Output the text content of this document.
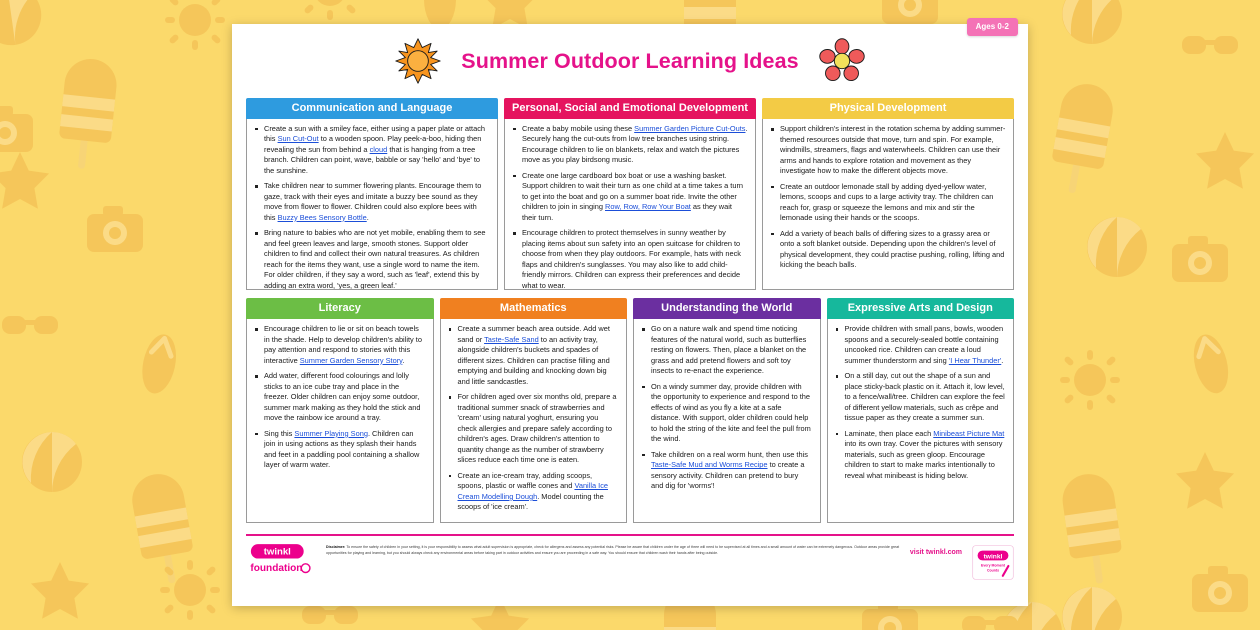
Summer Outdoor Learning Ideas
Ages 0-2
Communication and Language
Create a sun with a smiley face, either using a paper plate or attach this Sun Cut-Out to a wooden spoon. Play peek-a-boo, hiding then revealing the sun from behind a cloud that is hanging from a tree branch. Children can point, wave, babble or say 'hello' and 'bye' to the sunshine.
Take children near to summer flowering plants. Encourage them to gaze, track with their eyes and imitate a buzzy bee sound as they move from flower to flower. Children could also explore bees with this Buzzy Bees Sensory Bottle.
Bring nature to babies who are not yet mobile, enabling them to see and feel green leaves and large, smooth stones. Support older children to find and collect their own natural treasures. As children reach for the items they want, use a single word to name the item. For older children, if they say a word, such as 'leaf', extend this by adding an extra word, 'yes, a green leaf.'
Personal, Social and Emotional Development
Create a baby mobile using these Summer Garden Picture Cut-Outs. Securely hang the cut-outs from low tree branches using string. Encourage children to lie on blankets, relax and watch the pictures move as you play birdsong music.
Create one large cardboard box boat or use a washing basket. Support children to wait their turn as one child at a time takes a turn to get into the boat and go on a summer boat ride. Invite the other children to join in singing Row, Row, Row Your Boat as they wait their turn.
Encourage children to protect themselves in sunny weather by placing items about sun safety into an open suitcase for children to choose from when they play outdoors. For example, hats with neck flaps and children's sunglasses. You may also like to add child-friendly mirrors. Children can express their preferences and decide what to wear.
Physical Development
Support children's interest in the rotation schema by adding summer-themed resources outside that move, turn and spin. For example, windmills, streamers, flags and waterwheels. Children can use their arms and hands to explore rotation and movement as they investigate how to make the different objects move.
Create an outdoor lemonade stall by adding dyed-yellow water, lemons, scoops and cups to a large activity tray. The children can reach for, grasp or squeeze the lemons and mix and stir the lemonade using their hands or the scoops.
Add a variety of beach balls of differing sizes to a grassy area or onto a soft blanket outside. Depending upon the children's level of physical development, they could practise pushing, rolling, lifting and kicking the beach balls.
Literacy
Encourage children to lie or sit on beach towels in the shade. Help to develop children's ability to pay attention and respond to stories with this interactive Summer Garden Sensory Story.
Add water, different food colourings and lolly sticks to an ice cube tray and place in the freezer. Older children can enjoy some outdoor, summer mark making as they hold the stick and move the rainbow ice around a tray.
Sing this Summer Playing Song. Children can join in using actions as they splash their hands and feet in a paddling pool containing a shallow layer of warm water.
Mathematics
Create a summer beach area outside. Add wet sand or Taste-Safe Sand to an activity tray, alongside children's buckets and spades of different sizes. Children can practise filling and emptying and building and knocking down big and little sandcastles.
For children aged over six months old, prepare a traditional summer snack of strawberries and 'cream' using natural yoghurt, ensuring you check allergies and prepare safely according to children's ages. Draw children's attention to quantity change as the number of strawberry slices reduce each time one is eaten.
Create an ice-cream tray, adding scoops, spoons, plastic or waffle cones and Vanilla Ice Cream Modelling Dough. Model counting the scoops of 'ice cream'.
Understanding the World
Go on a nature walk and spend time noticing features of the natural world, such as butterflies resting on flowers. Then, place a blanket on the grass and add pretend flowers and soft toy insects to re-enact the experience.
On a windy summer day, provide children with the opportunity to experience and respond to the effects of wind as you fly a kite at a safe distance. With support, older children could help to hold the string of the kite and feel the pull from the wind.
Take children on a real worm hunt, then use this Taste-Safe Mud and Worms Recipe to create a sensory activity. Children can pretend to bury and dig for 'worms'!
Expressive Arts and Design
Provide children with small pans, bowls, wooden spoons and a securely-sealed bottle containing uncooked rice. Children can create a loud summer thunderstorm and sing 'I Hear Thunder'.
On a still day, cut out the shape of a sun and place sticky-back plastic on it. Attach it, low level, to a fence/wall/tree. Children can explore the feel of different yellow materials, such as crêpe and tissue paper as they create a summer sun.
Laminate, then place each Minibeast Picture Mat into its own tray. Cover the pictures with sensory materials, such as green gloop. Encourage children to start to make marks intentionally to reveal what minibeast is hiding below.
twinkl
foundation
Disclaimer: To ensure the safety of children in your setting, it is your responsibility to assess what adult supervision is appropriate, check for allergens and assess any potential risks. Please be aware that children under the age of three will need to be supervised at all times and a small amount of water can be extremely dangerous. Outdoor areas provide great opportunities for playing and learning, but you should always check any environmental areas before taking part in outdoor activities and ensure you are proceeding in a safe way. You should ensure that children wash their hands after being outside.	visit twinkl.com
twinkl
Every Moment
Counts
